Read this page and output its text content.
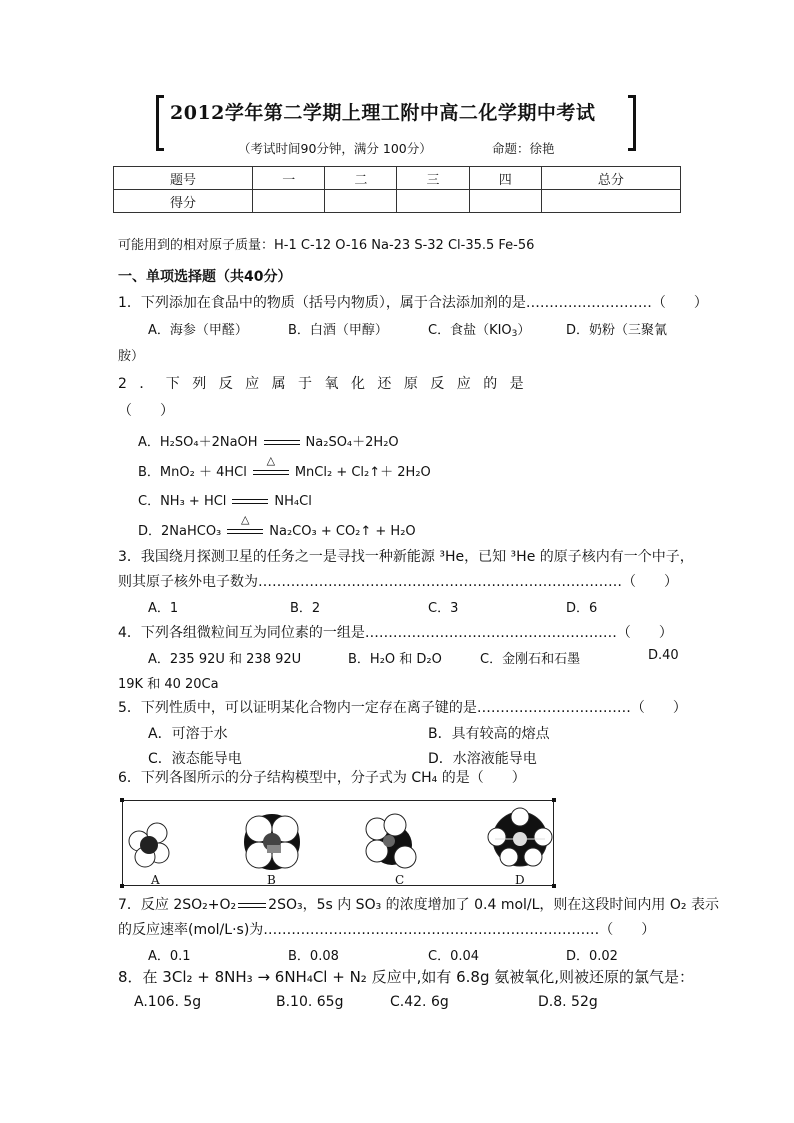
2012学年第二学期上理工附中高二化学期中考试
（考试时间90分钟，满分 100分）	命题：徐艳
题号	一	二	三	四	总分
得分					
可能用到的相对原子质量：H-1 C-12 O-16 Na-23 S-32 Cl-35.5 Fe-56
一、单项选择题（共40分）
1．下列添加在食品中的物质（括号内物质），属于合法添加剂的是………………………（　　）
A．海参（甲醛）	B．白酒（甲醇）	C．食盐$(KIO_3)$	D．奶粉（三聚氰
胺）
2 ． 下 列 反 应 属 于 氧 化 还 原 反 应 的 是
（　　）
A．H₂SO₄＋2NaOH	Na₂SO₄＋2H₂O
B．MnO₂ ＋ 4HCl
△
MnCl₂ + Cl₂↑＋ 2H₂O
C．NH₃ + HCl	NH₄Cl
D．2NaHCO₃
△
Na₂CO₃ + CO₂↑ + H₂O
3．我国绕月探测卫星的任务之一是寻找一种新能源 ³He，已知 ³He 的原子核内有一个中子，
则其原子核外电子数为……………………………………………………………………（　　）
A．1	B．2	C．3	D．6
4．下列各组微粒间互为同位素的一组是………………………………………………（　　）
A．235 92U 和 238 92U	B．H₂O 和 D₂O	C．金刚石和石墨	D.40
19K 和 40 20Ca
5．下列性质中，可以证明某化合物内一定存在离子键的是……………………………（　　）
A．可溶于水	B．具有较高的熔点
C．液态能导电	D．水溶液能导电
6．下列各图所示的分子结构模型中，分子式为 CH₄ 的是（　　）
A	B	C	D
7．反应 2SO₂+O₂ 2SO₃，5s 内 SO₃ 的浓度增加了 0.4 mol/L，则在这段时间内用 O₂ 表示
的反应速率(mol/L·s)为………………………………………………………………（　　）
A．0.1	B．0.08	C．0.04	D．0.02
8．在 3Cl₂ + 8NH₃ → 6NH₄Cl + N₂ 反应中,如有 6.8g 氨被氧化,则被还原的氯气是：
A.106. 5g	B.10. 65g	C.42. 6g	D.8. 52g
